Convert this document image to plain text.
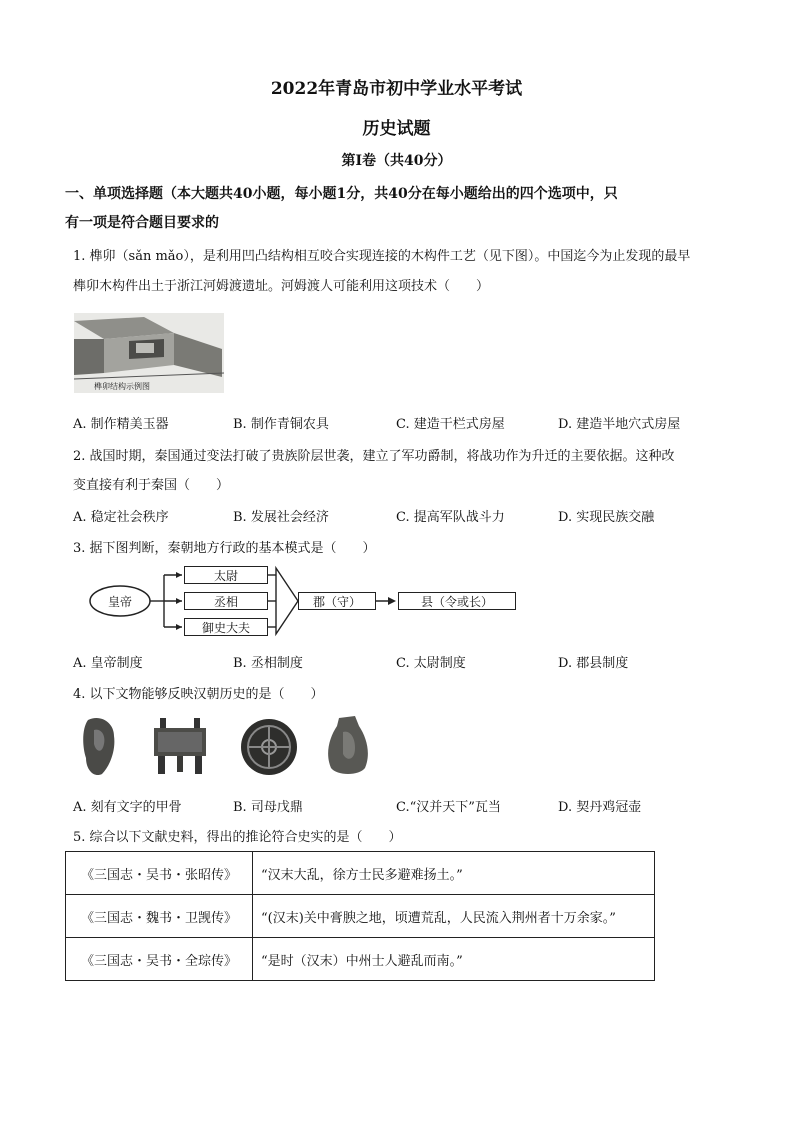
2022年青岛市初中学业水平考试
历史试题
第Ⅰ卷（共40分）
一、单项选择题（本大题共40小题，每小题1分，共40分在每小题给出的四个选项中，只
有一项是符合题目要求的
1. 榫卯（sǎn mǎo），是利用凹凸结构相互咬合实现连接的木构件工艺（见下图）。中国迄今为止发现的最早
榫卯木构件出土于浙江河姆渡遗址。河姆渡人可能利用这项技术（　　）
榫卯结构示例图
A. 制作精美玉器	B. 制作青铜农具	C. 建造干栏式房屋	D. 建造半地穴式房屋
2. 战国时期，秦国通过变法打破了贵族阶层世袭，建立了军功爵制，将战功作为升迁的主要依据。这种改
变直接有利于秦国（　　）
A. 稳定社会秩序	B. 发展社会经济	C. 提高军队战斗力	D. 实现民族交融
3. 据下图判断，秦朝地方行政的基本模式是（　　）
皇帝
太尉
丞相
御史大夫
郡（守）	县（令或长）
A. 皇帝制度	B. 丞相制度	C. 太尉制度	D. 郡县制度
4. 以下文物能够反映汉朝历史的是（　　）
A. 刻有文字的甲骨	B. 司母戊鼎	C.“汉并天下”瓦当	D. 契丹鸡冠壶
5. 综合以下文献史料，得出的推论符合史实的是（　　）
《三国志・吴书・张昭传》	“汉末大乱，徐方士民多避难扬土。”
《三国志・魏书・卫觊传》	“(汉末)关中膏腴之地，顷遭荒乱，人民流入荆州者十万余家。”
《三国志・吴书・全琮传》	“是时（汉末）中州士人避乱而南。”
